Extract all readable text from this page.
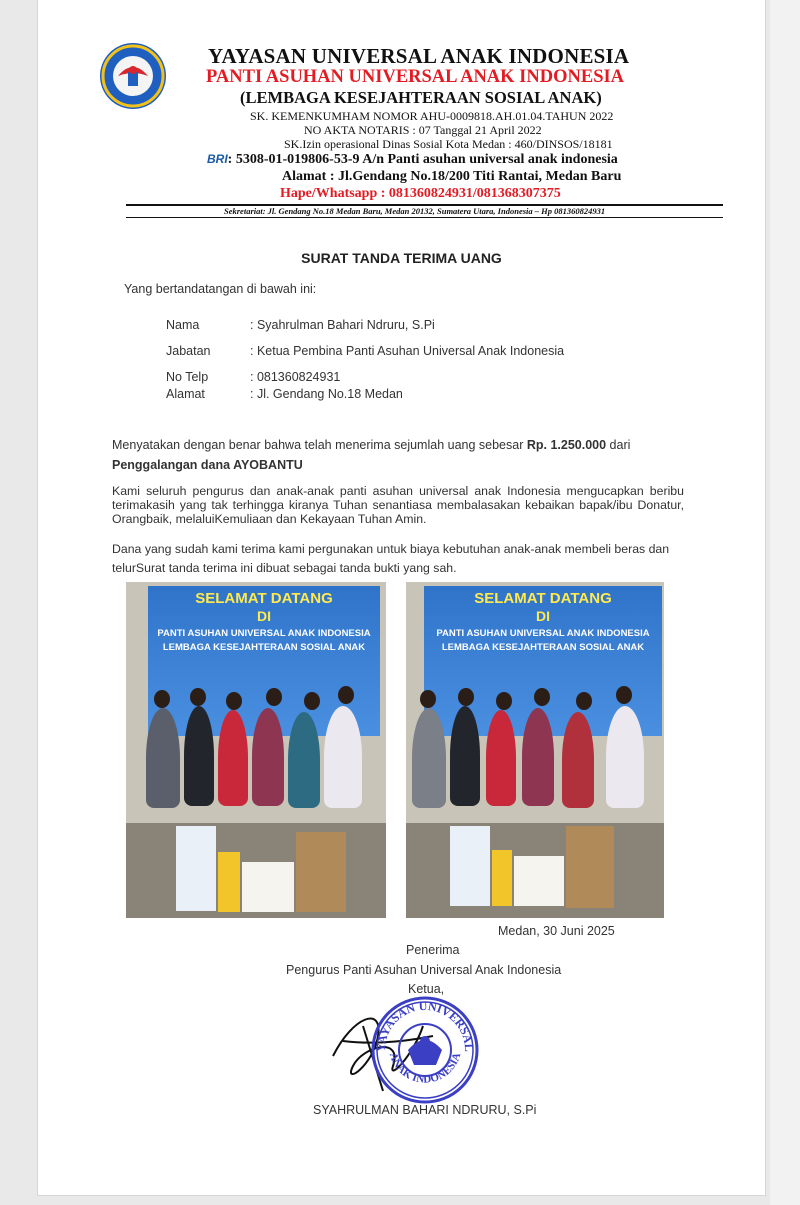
YAYASAN UNIVERSAL ANAK INDONESIA
PANTI ASUHAN UNIVERSAL ANAK INDONESIA
(LEMBAGA KESEJAHTERAAN SOSIAL ANAK)
SK. KEMENKUMHAM NOMOR AHU-0009818.AH.01.04.TAHUN 2022
NO AKTA NOTARIS : 07 Tanggal 21 April 2022
SK.Izin operasional Dinas Sosial Kota Medan : 460/DINSOS/18181
BRI: 5308-01-019806-53-9 A/n Panti asuhan universal anak indonesia
Alamat : Jl.Gendang No.18/200 Titi Rantai, Medan Baru
Hape/Whatsapp : 081360824931/081368307375
Sekretariat: Jl. Gendang No.18 Medan Baru, Medan 20132, Sumatera Utara, Indonesia – Hp 081360824931
SURAT TANDA TERIMA UANG
Yang bertandatangan di bawah ini:
Nama	: Syahrulman Bahari Ndruru, S.Pi
Jabatan	: Ketua Pembina Panti Asuhan Universal Anak Indonesia
No Telp	: 081360824931
Alamat	: Jl. Gendang No.18 Medan
Menyatakan dengan benar bahwa telah menerima sejumlah uang sebesar Rp. 1.250.000 dari
Penggalangan dana AYOBANTU
Kami seluruh pengurus dan anak-anak panti asuhan universal anak Indonesia mengucapkan beribu terimakasih yang tak terhingga kiranya Tuhan senantiasa membalasakan kebaikan bapak/ibu Donatur, Orangbaik, melaluiKemuliaan dan Kekayaan Tuhan Amin.
Dana yang sudah kami terima kami pergunakan untuk biaya kebutuhan anak-anak membeli beras dan
telurSurat tanda terima ini dibuat sebagai tanda bukti yang sah.
SELAMAT DATANG
DI
PANTI ASUHAN UNIVERSAL ANAK INDONESIA
LEMBAGA KESEJAHTERAAN SOSIAL ANAK
SELAMAT DATANG
DI
PANTI ASUHAN UNIVERSAL ANAK INDONESIA
LEMBAGA KESEJAHTERAAN SOSIAL ANAK
Medan, 30 Juni 2025
Penerima
Pengurus Panti Asuhan Universal Anak Indonesia
Ketua,
YAYASAN UNIVERSAL
ANAK INDONESIA
SYAHRULMAN BAHARI NDRURU, S.Pi
